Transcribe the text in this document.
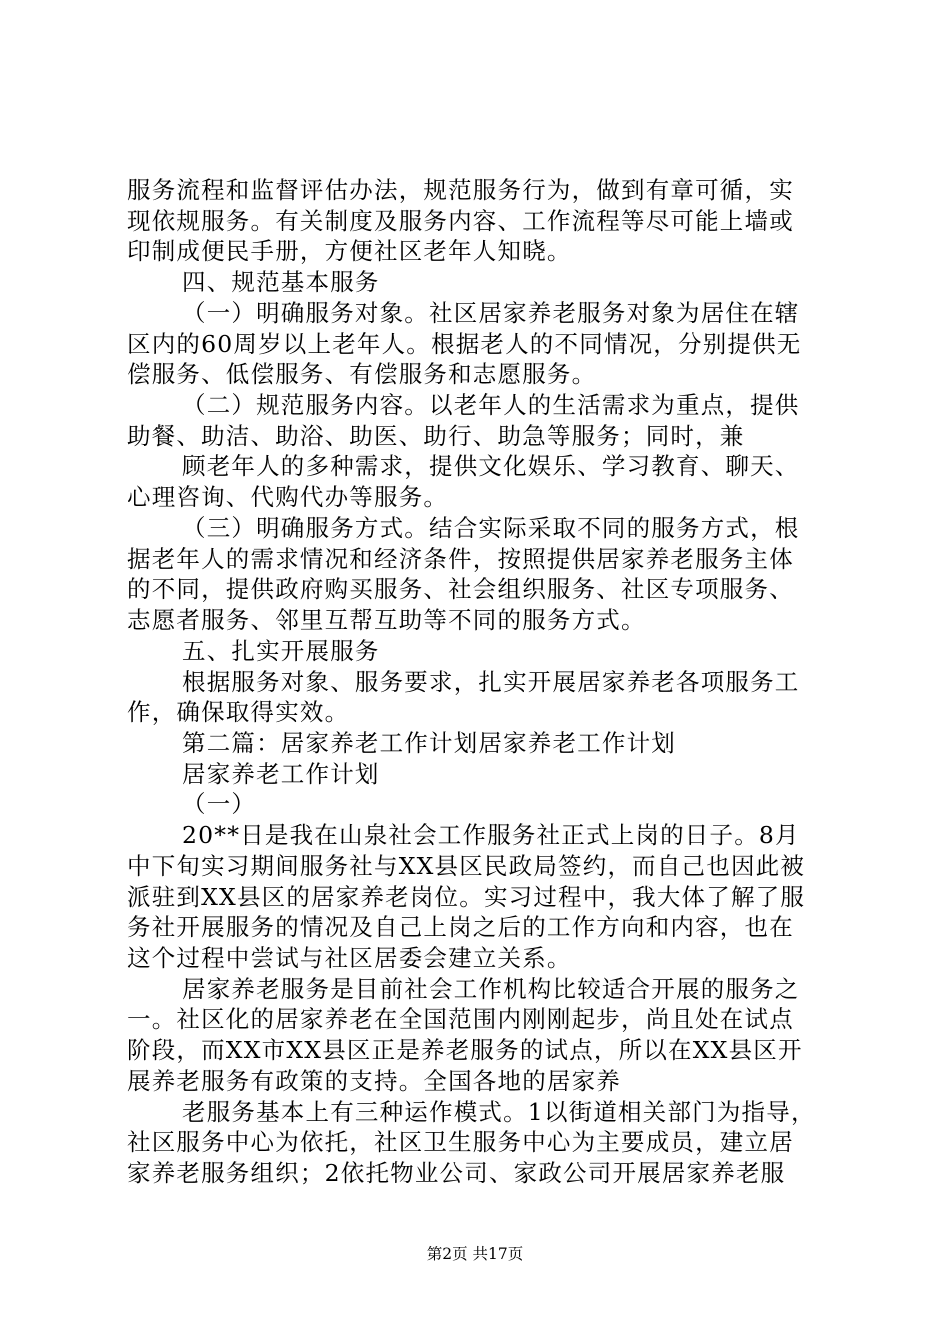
服务流程和监督评估办法，规范服务行为，做到有章可循，实
现依规服务。有关制度及服务内容、工作流程等尽可能上墙或
印制成便民手册，方便社区老年人知晓。
四、规范基本服务
（一）明确服务对象。社区居家养老服务对象为居住在辖
区内的60周岁以上老年人。根据老人的不同情况，分别提供无
偿服务、低偿服务、有偿服务和志愿服务。
（二）规范服务内容。以老年人的生活需求为重点，提供
助餐、助洁、助浴、助医、助行、助急等服务；同时，兼
顾老年人的多种需求，提供文化娱乐、学习教育、聊天、
心理咨询、代购代办等服务。
（三）明确服务方式。结合实际采取不同的服务方式，根
据老年人的需求情况和经济条件，按照提供居家养老服务主体
的不同，提供政府购买服务、社会组织服务、社区专项服务、
志愿者服务、邻里互帮互助等不同的服务方式。
五、扎实开展服务
根据服务对象、服务要求，扎实开展居家养老各项服务工
作，确保取得实效。
第二篇：居家养老工作计划居家养老工作计划
居家养老工作计划
（一）
20**日是我在山泉社会工作服务社正式上岗的日子。8月
中下旬实习期间服务社与XX县区民政局签约，而自己也因此被
派驻到XX县区的居家养老岗位。实习过程中，我大体了解了服
务社开展服务的情况及自己上岗之后的工作方向和内容，也在
这个过程中尝试与社区居委会建立关系。
居家养老服务是目前社会工作机构比较适合开展的服务之
一。社区化的居家养老在全国范围内刚刚起步，尚且处在试点
阶段，而XX市XX县区正是养老服务的试点，所以在XX县区开
展养老服务有政策的支持。全国各地的居家养
老服务基本上有三种运作模式。1以街道相关部门为指导，
社区服务中心为依托，社区卫生服务中心为主要成员，建立居
家养老服务组织；2依托物业公司、家政公司开展居家养老服
第2页 共17页
